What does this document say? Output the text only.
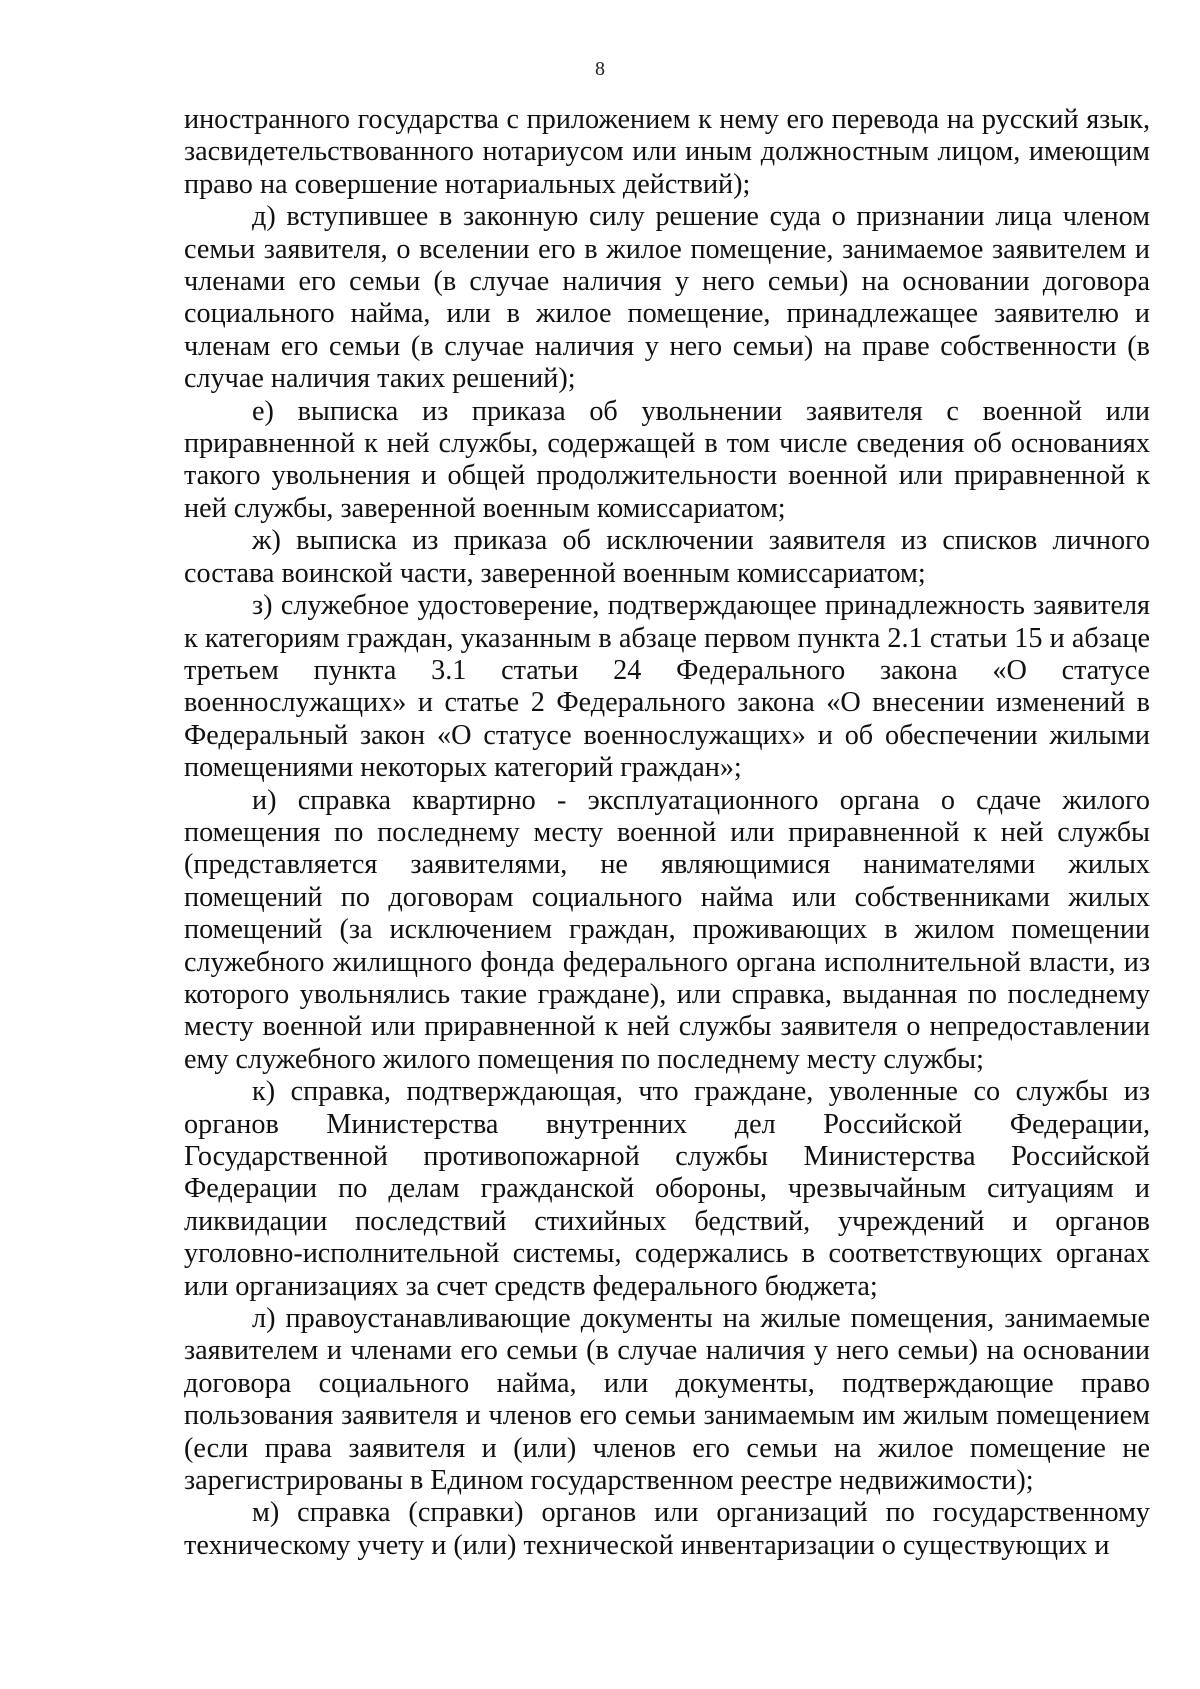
8

иностранного государства с приложением к нему его перевода на русский язык, засвидетельствованного нотариусом или иным должностным лицом, имеющим право на совершение нотариальных действий);

д) вступившее в законную силу решение суда о признании лица членом семьи заявителя, о вселении его в жилое помещение, занимаемое заявителем и членами его семьи (в случае наличия у него семьи) на основании договора социального найма, или в жилое помещение, принадлежащее заявителю и членам его семьи (в случае наличия у него семьи) на праве собственности (в случае наличия таких решений);

е) выписка из приказа об увольнении заявителя с военной или приравненной к ней службы, содержащей в том числе сведения об основаниях такого увольнения и общей продолжительности военной или приравненной к ней службы, заверенной военным комиссариатом;

ж) выписка из приказа об исключении заявителя из списков личного состава воинской части, заверенной военным комиссариатом;

з) служебное удостоверение, подтверждающее принадлежность заявителя к категориям граждан, указанным в абзаце первом пункта 2.1 статьи 15 и абзаце третьем пункта 3.1 статьи 24 Федерального закона «О статусе военнослужащих» и статье 2 Федерального закона «О внесении изменений в Федеральный закон «О статусе военнослужащих» и об обеспечении жилыми помещениями некоторых категорий граждан»;

и) справка квартирно - эксплуатационного органа о сдаче жилого помещения по последнему месту военной или приравненной к ней службы (представляется заявителями, не являющимися нанимателями жилых помещений по договорам социального найма или собственниками жилых помещений (за исключением граждан, проживающих в жилом помещении служебного жилищного фонда федерального органа исполнительной власти, из которого увольнялись такие граждане), или справка, выданная по последнему месту военной или приравненной к ней службы заявителя о непредоставлении ему служебного жилого помещения по последнему месту службы;

к) справка, подтверждающая, что граждане, уволенные со службы из органов Министерства внутренних дел Российской Федерации, Государственной противопожарной службы Министерства Российской Федерации по делам гражданской обороны, чрезвычайным ситуациям и ликвидации последствий стихийных бедствий, учреждений и органов уголовно-исполнительной системы, содержались в соответствующих органах или организациях за счет средств федерального бюджета;

л) правоустанавливающие документы на жилые помещения, занимаемые заявителем и членами его семьи (в случае наличия у него семьи) на основании договора социального найма, или документы, подтверждающие право пользования заявителя и членов его семьи занимаемым им жилым помещением (если права заявителя и (или) членов его семьи на жилое помещение не зарегистрированы в Едином государственном реестре недвижимости);

м) справка (справки) органов или организаций по государственному техническому учету и (или) технической инвентаризации о существующих и
